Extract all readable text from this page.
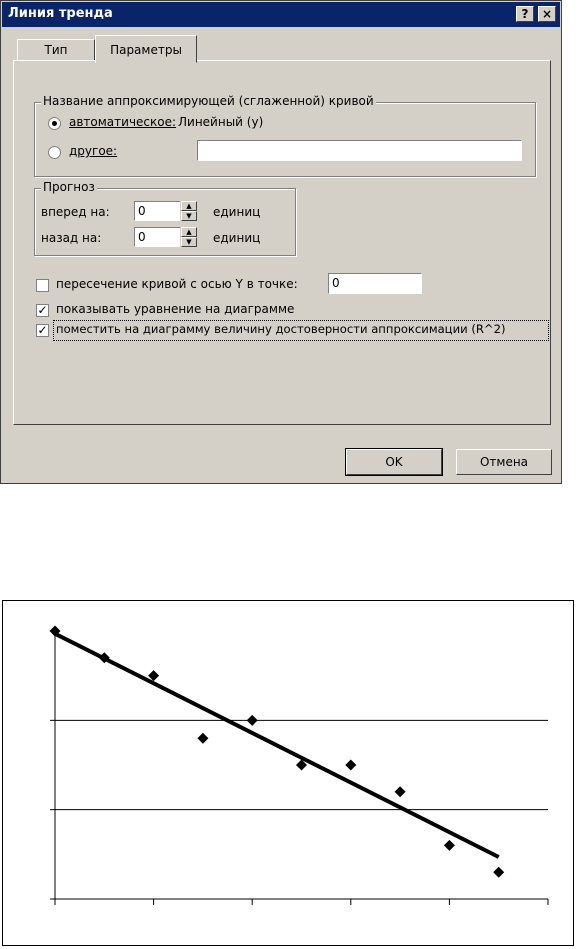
Линия тренда	?	×
Тип	Параметры
Название аппроксимирующей (сглаженной) кривой
автоматическое: Линейный (y)
другое:
Прогноз
вперед на:	0	▲
▼	единиц
назад на:	0	▲
▼	единиц
пересечение кривой с осью Y в точке:	0
✓ показывать уравнение на диаграмме
✓ поместить на диаграмму величину достоверности аппроксимации (R^2)
OK	Отмена
